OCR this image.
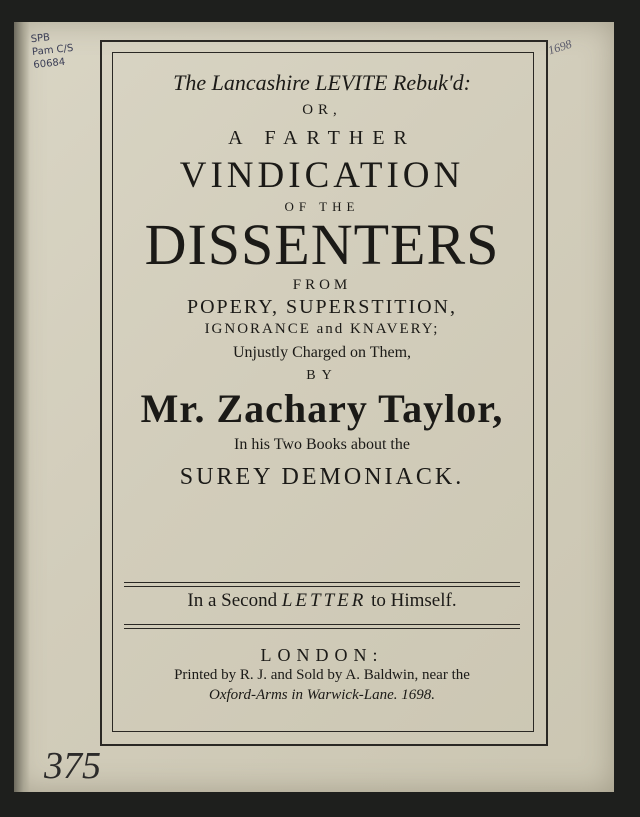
SPB
Pam C/S
60684
1698
The Lancashire LEVITE Rebuk'd:
OR,
A FARTHER
VINDICATION
OF THE
DISSENTERS
FROM
POPERY, SUPERSTITION,
IGNORANCE and KNAVERY;
Unjustly Charged on Them,
BY
Mr. Zachary Taylor,
In his Two Books about the
SUREY DEMONIACK.
In a Second LETTER to Himself.
LONDON:
Printed by R. J. and Sold by A. Baldwin, near the
Oxford-Arms in Warwick-Lane. 1698.
375
